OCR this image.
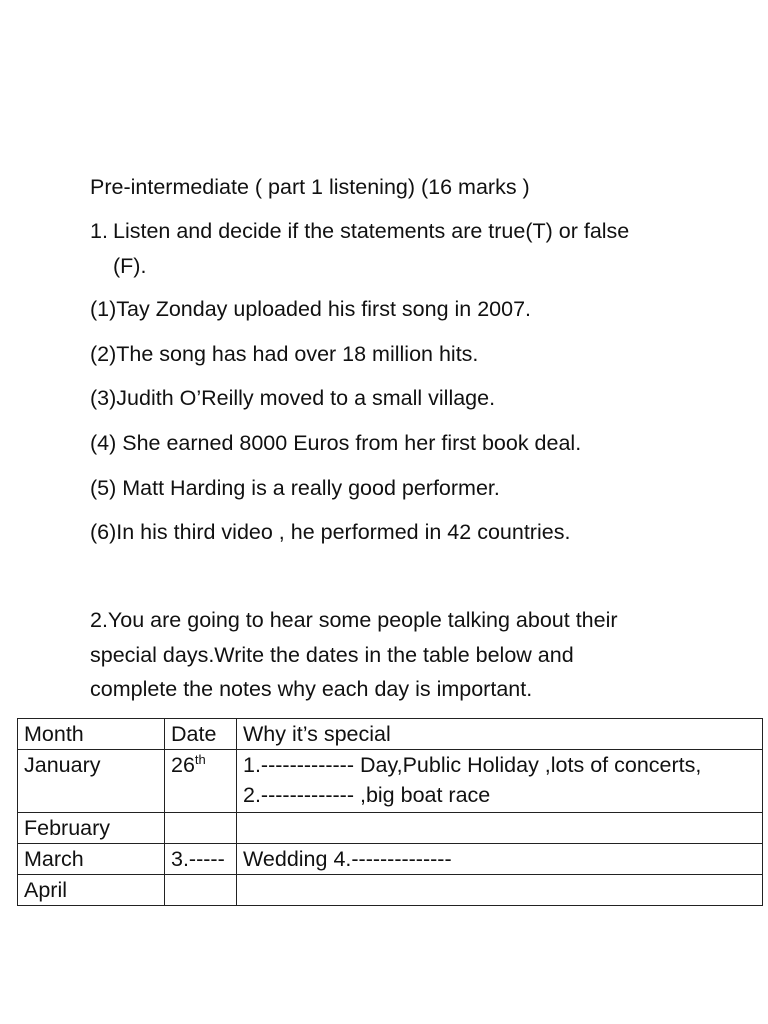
Pre-intermediate ( part 1 listening) (16 marks )

1. Listen and decide if the statements are true(T) or false

(F).

(1)Tay Zonday uploaded his first song in 2007.

(2)The song has had over 18 million hits.

(3)Judith O’Reilly moved to a small village.

(4) She earned 8000 Euros from her first book deal.

(5) Matt Harding is a really good performer.

(6)In his third video , he performed in 42 countries.

2.You are going to hear some people talking about their

special days.Write the dates in the table below and

complete the notes why each day is important.

Month	Date	Why it’s special
January	26th	1.------------- Day,Public Holiday ,lots of concerts,
2.------------- ,big boat race

February		
March	3.-----	Wedding 4.--------------
April		
